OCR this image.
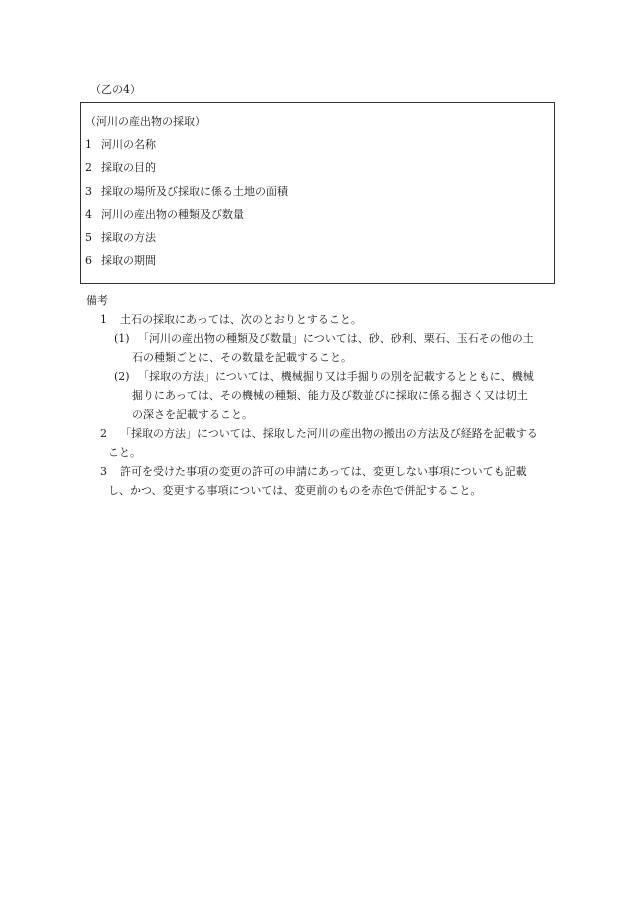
（乙の4）
（河川の産出物の採取）
1 河川の名称
2 採取の目的
3 採取の場所及び採取に係る土地の面積
4 河川の産出物の種類及び数量
5 採取の方法
6 採取の期間

備考

1 土石の採取にあっては、次のとおりとすること。

(1) 「河川の産出物の種類及び数量」については、砂、砂利、栗石、玉石その他の土

石の種類ごとに、その数量を記載すること。

(2) 「採取の方法」については、機械掘り又は手掘りの別を記載するとともに、機械

掘りにあっては、その機械の種類、能力及び数並びに採取に係る掘さく又は切土

の深さを記載すること。

2 「採取の方法」については、採取した河川の産出物の搬出の方法及び経路を記載する

こと。

3 許可を受けた事項の変更の許可の申請にあっては、変更しない事項についても記載

し、かつ、変更する事項については、変更前のものを赤色で併記すること。
